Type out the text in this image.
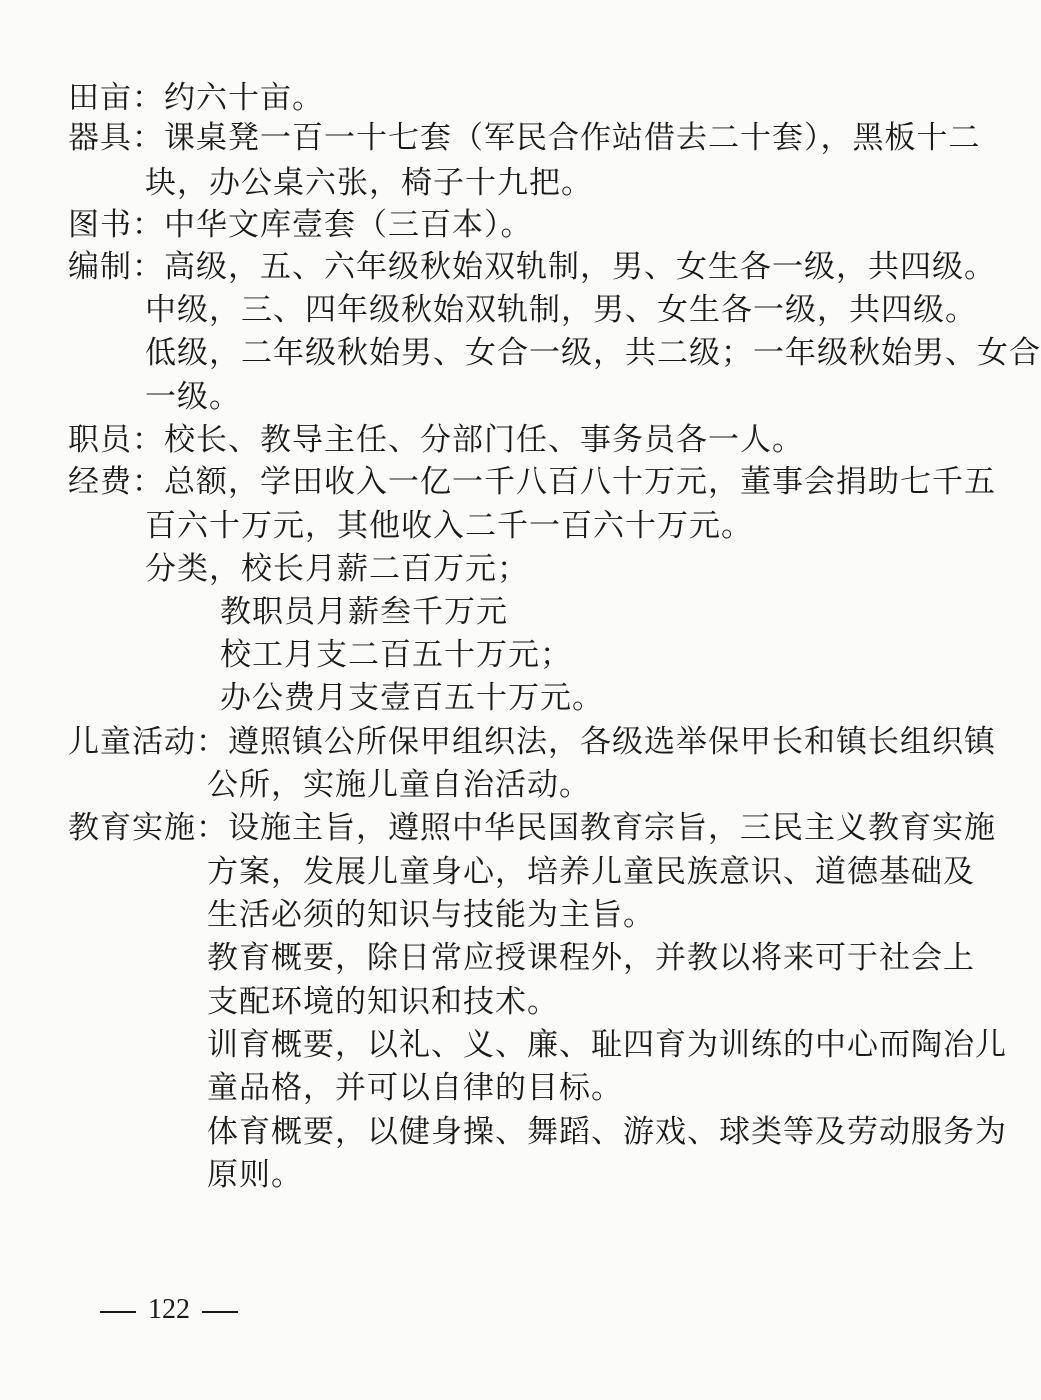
田亩：约六十亩。
器具：课桌凳一百一十七套（军民合作站借去二十套），黑板十二
块，办公桌六张，椅子十九把。
图书：中华文库壹套（三百本）。
编制：高级，五、六年级秋始双轨制，男、女生各一级，共四级。
中级，三、四年级秋始双轨制，男、女生各一级，共四级。
低级，二年级秋始男、女合一级，共二级；一年级秋始男、女合
一级。
职员：校长、教导主任、分部门任、事务员各一人。
经费：总额，学田收入一亿一千八百八十万元，董事会捐助七千五
百六十万元，其他收入二千一百六十万元。
分类，校长月薪二百万元；
教职员月薪叁千万元
校工月支二百五十万元；
办公费月支壹百五十万元。
儿童活动：遵照镇公所保甲组织法，各级选举保甲长和镇长组织镇
公所，实施儿童自治活动。
教育实施：设施主旨，遵照中华民国教育宗旨，三民主义教育实施
方案，发展儿童身心，培养儿童民族意识、道德基础及
生活必须的知识与技能为主旨。
教育概要，除日常应授课程外，并教以将来可于社会上
支配环境的知识和技术。
训育概要，以礼、义、廉、耻四育为训练的中心而陶冶儿
童品格，并可以自律的目标。
体育概要，以健身操、舞蹈、游戏、球类等及劳动服务为
原则。
122
